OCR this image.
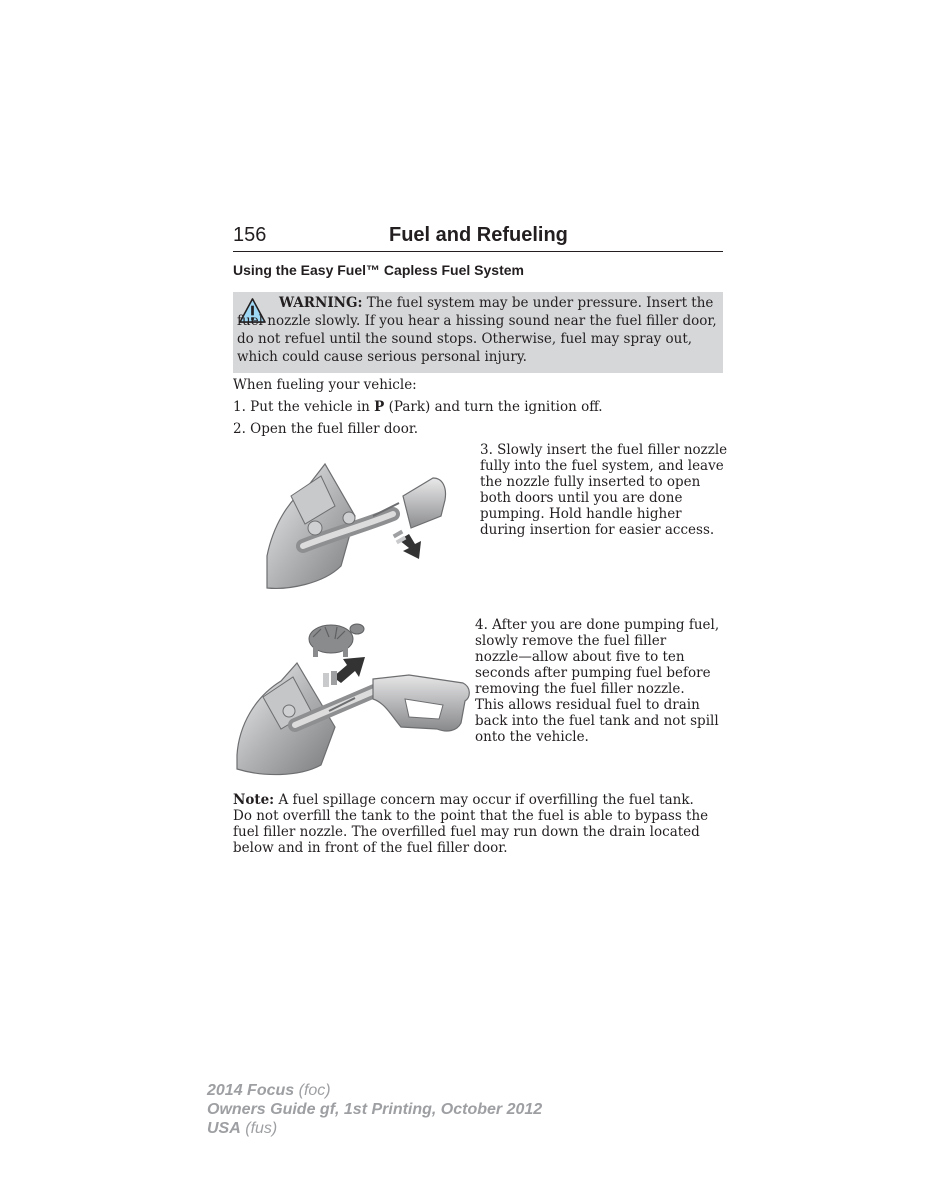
156	Fuel and Refueling
Using the Easy Fuel™ Capless Fuel System
WARNING: The fuel system may be under pressure. Insert the fuel nozzle slowly. If you hear a hissing sound near the fuel filler door, do not refuel until the sound stops. Otherwise, fuel may spray out, which could cause serious personal injury.
When fueling your vehicle:
1. Put the vehicle in P (Park) and turn the ignition off.
2. Open the fuel filler door.
3. Slowly insert the fuel filler nozzle
fully into the fuel system, and leave
the nozzle fully inserted to open
both doors until you are done
pumping. Hold handle higher
during insertion for easier access.
4. After you are done pumping fuel,
slowly remove the fuel filler
nozzle—allow about five to ten
seconds after pumping fuel before
removing the fuel filler nozzle.
This allows residual fuel to drain
back into the fuel tank and not spill
onto the vehicle.
Note: A fuel spillage concern may occur if overfilling the fuel tank.
Do not overfill the tank to the point that the fuel is able to bypass the
fuel filler nozzle. The overfilled fuel may run down the drain located
below and in front of the fuel filler door.
2014 Focus (foc)
Owners Guide gf, 1st Printing, October 2012
USA (fus)
